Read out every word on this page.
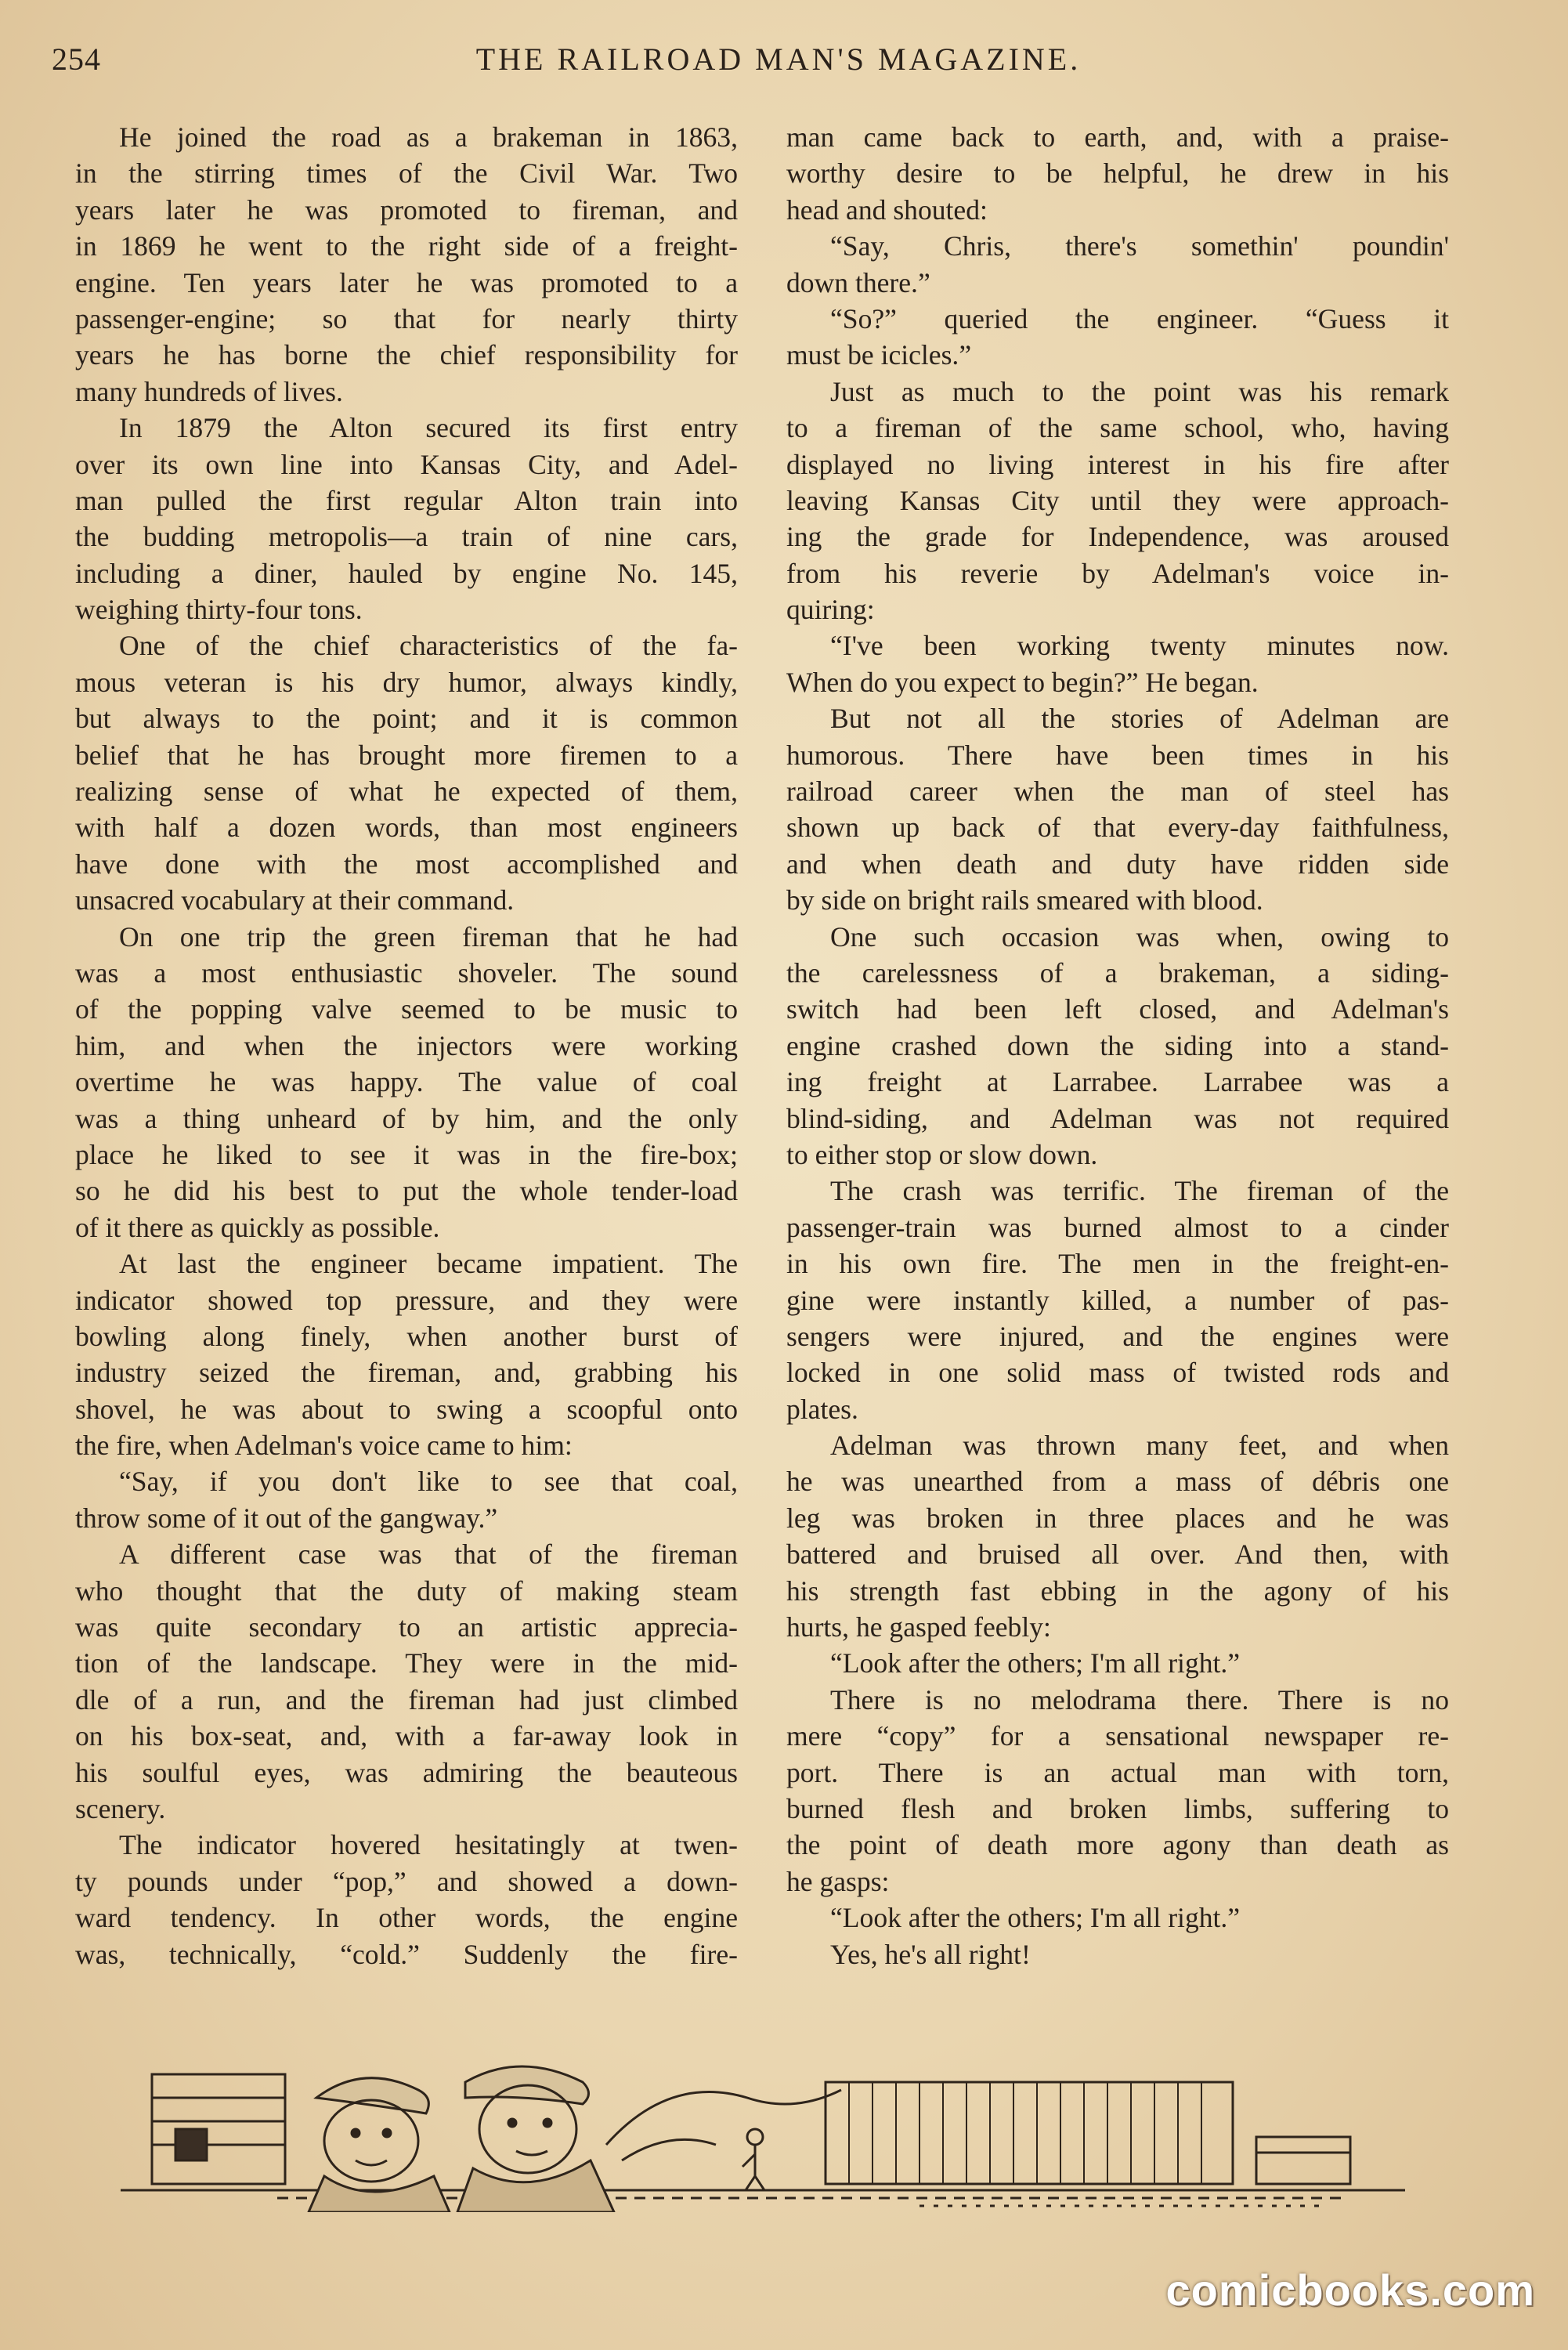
254	THE RAILROAD MAN'S MAGAZINE.
He joined the road as a brakeman in 1863,
in the stirring times of the Civil War. Two
years later he was promoted to fireman, and
in 1869 he went to the right side of a freight-
engine. Ten years later he was promoted to a
passenger-engine; so that for nearly thirty
years he has borne the chief responsibility for
many hundreds of lives.
In 1879 the Alton secured its first entry
over its own line into Kansas City, and Adel-
man pulled the first regular Alton train into
the budding metropolis—a train of nine cars,
including a diner, hauled by engine No. 145,
weighing thirty-four tons.
One of the chief characteristics of the fa-
mous veteran is his dry humor, always kindly,
but always to the point; and it is common
belief that he has brought more firemen to a
realizing sense of what he expected of them,
with half a dozen words, than most engineers
have done with the most accomplished and
unsacred vocabulary at their command.
On one trip the green fireman that he had
was a most enthusiastic shoveler. The sound
of the popping valve seemed to be music to
him, and when the injectors were working
overtime he was happy. The value of coal
was a thing unheard of by him, and the only
place he liked to see it was in the fire-box;
so he did his best to put the whole tender-load
of it there as quickly as possible.
At last the engineer became impatient. The
indicator showed top pressure, and they were
bowling along finely, when another burst of
industry seized the fireman, and, grabbing his
shovel, he was about to swing a scoopful onto
the fire, when Adelman's voice came to him:
“Say, if you don't like to see that coal,
throw some of it out of the gangway.”
A different case was that of the fireman
who thought that the duty of making steam
was quite secondary to an artistic apprecia-
tion of the landscape. They were in the mid-
dle of a run, and the fireman had just climbed
on his box-seat, and, with a far-away look in
his soulful eyes, was admiring the beauteous
scenery.
The indicator hovered hesitatingly at twen-
ty pounds under “pop,” and showed a down-
ward tendency. In other words, the engine
was, technically, “cold.” Suddenly the fire-
man came back to earth, and, with a praise-
worthy desire to be helpful, he drew in his
head and shouted:
“Say, Chris, there's somethin' poundin'
down there.”
“So?” queried the engineer. “Guess it
must be icicles.”
Just as much to the point was his remark
to a fireman of the same school, who, having
displayed no living interest in his fire after
leaving Kansas City until they were approach-
ing the grade for Independence, was aroused
from his reverie by Adelman's voice in-
quiring:
“I've been working twenty minutes now.
When do you expect to begin?” He began.
But not all the stories of Adelman are
humorous. There have been times in his
railroad career when the man of steel has
shown up back of that every-day faithfulness,
and when death and duty have ridden side
by side on bright rails smeared with blood.
One such occasion was when, owing to
the carelessness of a brakeman, a siding-
switch had been left closed, and Adelman's
engine crashed down the siding into a stand-
ing freight at Larrabee. Larrabee was a
blind-siding, and Adelman was not required
to either stop or slow down.
The crash was terrific. The fireman of the
passenger-train was burned almost to a cinder
in his own fire. The men in the freight-en-
gine were instantly killed, a number of pas-
sengers were injured, and the engines were
locked in one solid mass of twisted rods and
plates.
Adelman was thrown many feet, and when
he was unearthed from a mass of débris one
leg was broken in three places and he was
battered and bruised all over. And then, with
his strength fast ebbing in the agony of his
hurts, he gasped feebly:
“Look after the others; I'm all right.”
There is no melodrama there. There is no
mere “copy” for a sensational newspaper re-
port. There is an actual man with torn,
burned flesh and broken limbs, suffering to
the point of death more agony than death as
he gasps:
“Look after the others; I'm all right.”
Yes, he's all right!
comicbooks.com
